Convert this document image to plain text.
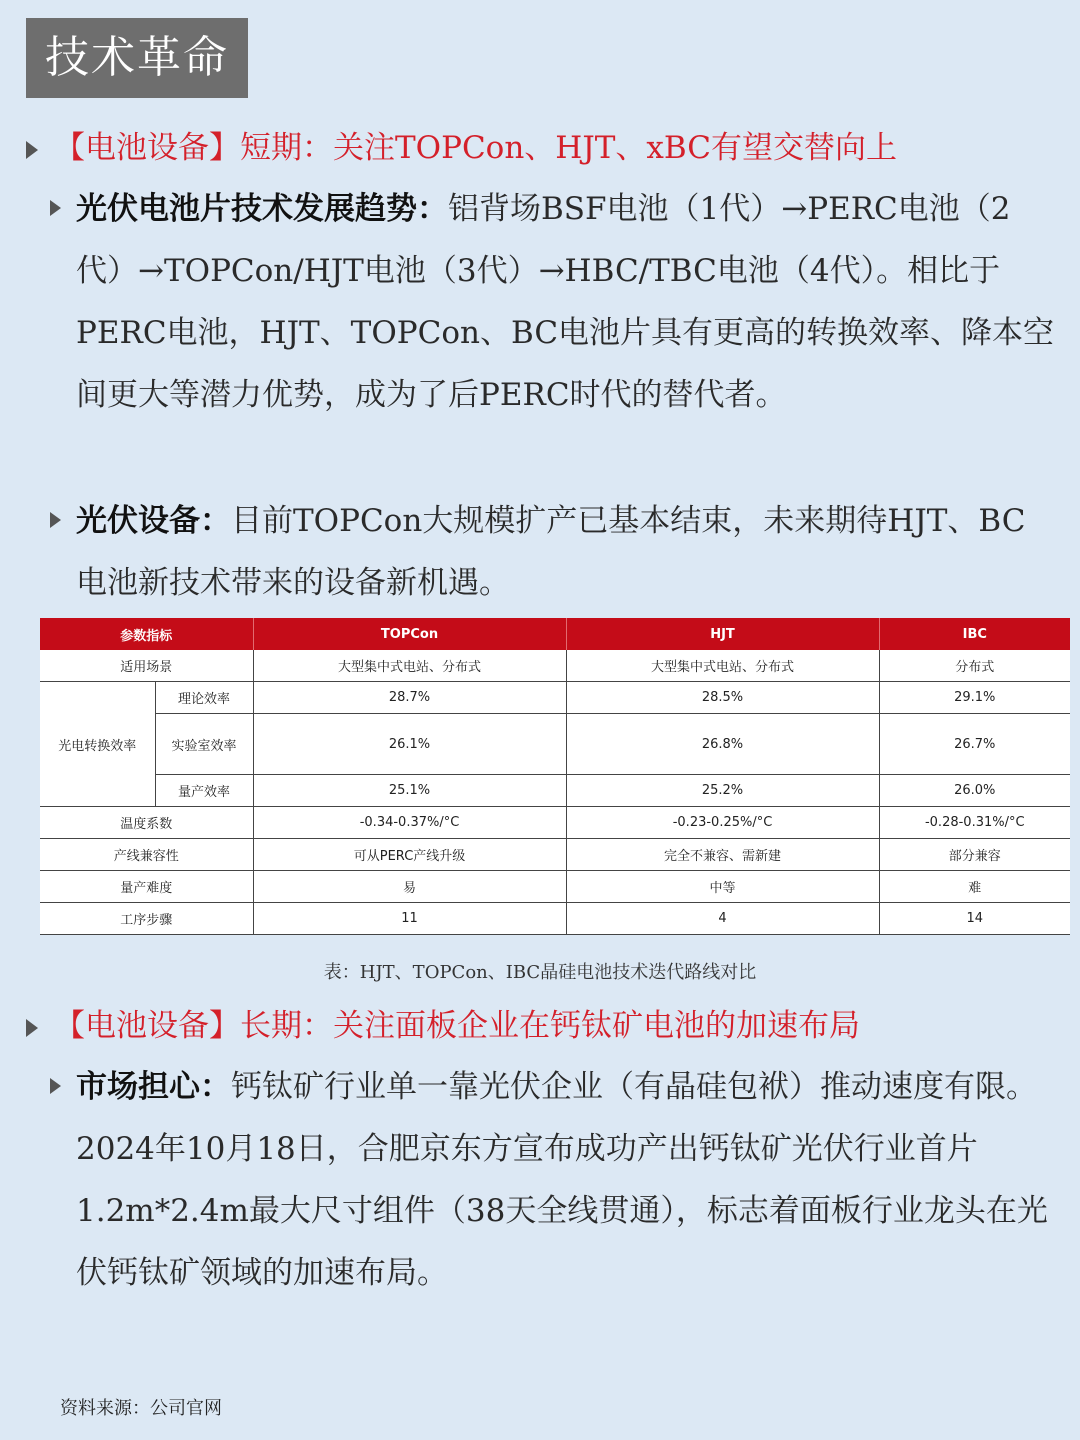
技术革命
【电池设备】短期：关注TOPCon、HJT、xBC有望交替向上
光伏电池片技术发展趋势：铝背场BSF电池（1代）→PERC电池（2代）→TOPCon/HJT电池（3代）→HBC/TBC电池（4代）。相比于PERC电池，HJT、TOPCon、BC电池片具有更高的转换效率、降本空间更大等潜力优势，成为了后PERC时代的替代者。
光伏设备：目前TOPCon大规模扩产已基本结束，未来期待HJT、BC电池新技术带来的设备新机遇。
参数指标		TOPCon	HJT	IBC
适用场景		大型集中式电站、分布式	大型集中式电站、分布式	分布式
光电转换效率	理论效率	28.7%	28.5%	29.1%
	实验室效率	26.1%	26.8%	26.7%
	量产效率	25.1%	25.2%	26.0%
温度系数		-0.34-0.37%/°C	-0.23-0.25%/°C	-0.28-0.31%/°C
产线兼容性		可从PERC产线升级	完全不兼容、需新建	部分兼容
量产难度		易	中等	难
工序步骤		11	4	14
表：HJT、TOPCon、IBC晶硅电池技术迭代路线对比
【电池设备】长期：关注面板企业在钙钛矿电池的加速布局
市场担心：钙钛矿行业单一靠光伏企业（有晶硅包袱）推动速度有限。2024年10月18日，合肥京东方宣布成功产出钙钛矿光伏行业首片1.2m*2.4m最大尺寸组件（38天全线贯通），标志着面板行业龙头在光伏钙钛矿领域的加速布局。
资料来源：公司官网
